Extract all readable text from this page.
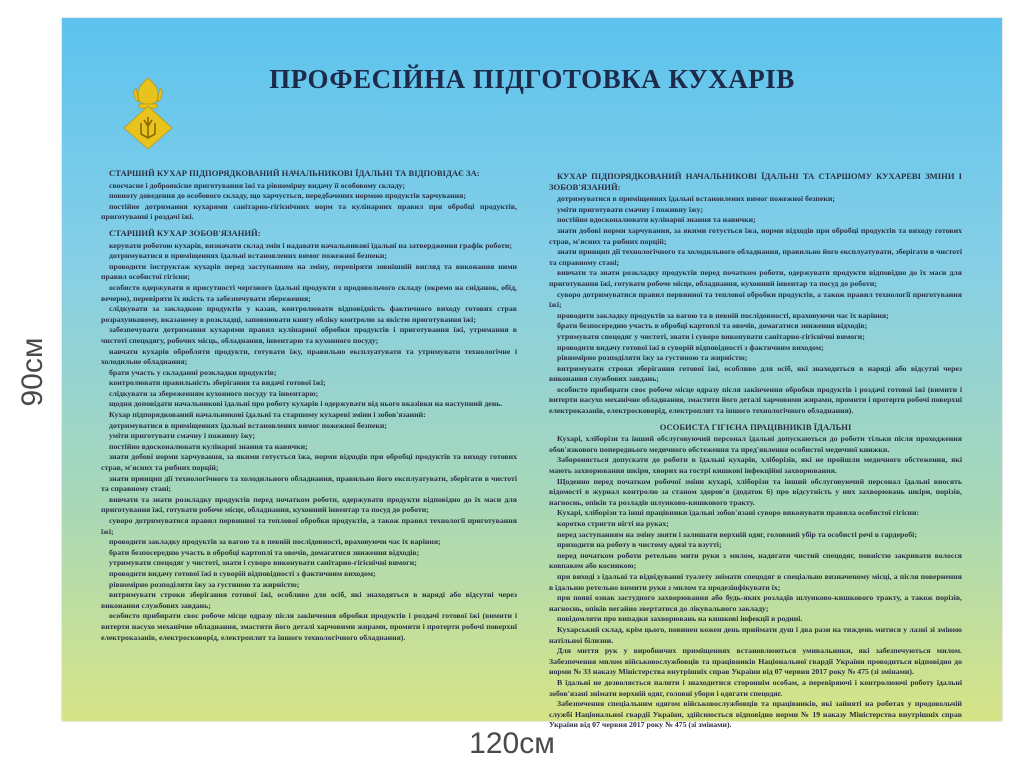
ПРОФЕСІЙНА ПІДГОТОВКА КУХАРІВ
СТАРШИЙ КУХАР ПІДПОРЯДКОВАНИЙ НАЧАЛЬНИКОВІ ЇДАЛЬНІ ТА ВІДПОВІДАЄ ЗА:

своєчасне і доброякісне приготування їжі та рівномірну видачу її особовому складу;

повноту доведення до особового складу, що харчується, передбачених нормою продуктів харчування;

постійне дотримання кухарями санітарно-гігієнічних норм та кулінарних правил при обробці продуктів, приготуванні і роздачі їжі.

СТАРШИЙ КУХАР ЗОБОВ'ЯЗАНИЙ:

керувати роботою кухарів, визначати склад змін і надавати начальникові їдальні на затвердження графік роботи;

дотримуватися в приміщеннях їдальні встановлених вимог пожежної безпеки;

проводити інструктаж кухарів перед заступанням на зміну, перевіряти зовнішній вигляд та виконання ними правил особистої гігієни;

особисто одержувати в присутності чергового їдальні продукти з продовольчого складу (окремо на сніданок, обід, вечерю), перевіряти їх якість та забезпечувати збереження;

слідкувати за закладкою продуктів у казан, контролювати відповідність фактичного виходу готових страв розрахунковому, вказаному в розкладці, заповнювати книгу обліку контролю за якістю приготування їжі;

забезпечувати дотримання кухарями правил кулінарної обробки продуктів і приготування їжі, утримання в чистоті спецодягу, робочих місць, обладнання, інвентарю та кухонного посуду;

навчати кухарів обробляти продукти, готувати їжу, правильно експлуатувати та утримувати технологічне і холодильне обладнання;

брати участь у складанні розкладки продуктів;

контролювати правильність зберігання та видачі готової їжі;

слідкувати за збереженням кухонного посуду та інвентарю;

щодня доповідати начальникові їдальні про роботу кухарів і одержувати від нього вказівки на наступний день.

Кухар підпорядкований начальникові їдальні та старшому кухареві зміни і зобов'язаний:

дотримуватися в приміщеннях їдальні встановлених вимог пожежної безпеки;

уміти приготувати смачну і поживну їжу;

постійно вдосконалювати кулінарні знання та навички;

знати добові норми харчування, за якими готується їжа, норми відходів при обробці продуктів та виходу готових страв, м'ясних та рибних порцій;

знати принцип дії технологічного та холодильного обладнання, правильно його експлуатувати, зберігати в чистоті та справному стані;

вивчати та знати розкладку продуктів перед початком роботи, одержувати продукти відповідно до їх маси для приготування їжі, готувати робоче місце, обладнання, кухонний інвентар та посуд до роботи;

суворо дотримуватися правил первинної та теплової обробки продуктів, а також правил технології приготування їжі;

проводити закладку продуктів за вагою та в певній послідовності, враховуючи час їх варіння;

брати безпосередню участь в обробці картоплі та овочів, домагатися зниження відходів;

утримувати спецодяг у чистоті, знати і суворо виконувати санітарно-гігієнічні вимоги;

проводити видачу готової їжі в суворій відповідності з фактичним виходом;

рівномірно розподіляти їжу за густиною та жирністю;

витримувати строки зберігання готової їжі, особливо для осіб, які знаходяться в наряді або відсутні через виконання службових завдань;

особисто прибирати своє робоче місце одразу після закінчення обробки продуктів і роздачі готової їжі (вимити і витерти насухо механічне обладнання, змастити його деталі харчовими жирами, промити і протерти робочі поверхні електроказанів, електросковорід, електроплит та іншого технологічного обладнання).

КУХАР ПІДПОРЯДКОВАНИЙ НАЧАЛЬНИКОВІ ЇДАЛЬНІ ТА СТАРШОМУ КУХАРЕВІ ЗМІНИ І ЗОБОВ'ЯЗАНИЙ:

дотримуватися в приміщеннях їдальні встановлених вимог пожежної безпеки;

уміти приготувати смачну і поживну їжу;

постійно вдосконалювати кулінарні знання та навички;

знати добові норми харчування, за якими готується їжа, норми відходів при обробці продуктів та виходу готових страв, м'ясних та рибних порцій;

знати принцип дії технологічного та холодильного обладнання, правильно його експлуатувати, зберігати в чистоті та справному стані;

вивчати та знати розкладку продуктів перед початком роботи, одержувати продукти відповідно до їх маси для приготування їжі, готувати робоче місце, обладнання, кухонний інвентар та посуд до роботи;

суворо дотримуватися правил первинної та теплової обробки продуктів, а також правил технології приготування їжі;

проводити закладку продуктів за вагою та в певній послідовності, враховуючи час їх варіння;

брати безпосередню участь в обробці картоплі та овочів, домагатися зниження відходів;

утримувати спецодяг у чистоті, знати і суворо виконувати санітарно-гігієнічні вимоги;

проводити видачу готової їжі в суворій відповідності з фактичним виходом;

рівномірно розподіляти їжу за густиною та жирністю;

витримувати строки зберігання готової їжі, особливо для осіб, які знаходяться в наряді або відсутні через виконання службових завдань;

особисто прибирати своє робоче місце одразу після закінчення обробки продуктів і роздачі готової їжі (вимити і витерти насухо механічне обладнання, змастити його деталі харчовими жирами, промити і протерти робочі поверхні електроказанів, електросковорід, електроплит та іншого технологічного обладнання).

ОСОБИСТА ГІГІЄНА ПРАЦІВНИКІВ ЇДАЛЬНІ

Кухарі, хліборізи та інший обслуговуючий персонал їдальні допускаються до роботи тільки після проходження обов'язкового попереднього медичного обстеження та пред'явлення особистої медичної книжки.

Забороняється допускати до роботи в їдальні кухарів, хліборізів, які не пройшли медичного обстеження, які мають захворювання шкіри, хворих на гострі кишкові інфекційні захворювання.

Щоденно перед початком робочої зміни кухарі, хліборізи та інший обслуговуючий персонал їдальні вносять відомості в журнал контролю за станом здоров'я (додаток 6) про відсутність у них захворювань шкіри, порізів, нагноєнь, опіків та розладів шлунково-кишкового тракту.

Кухарі, хліборізи та інші працівники їдальні зобов'язані суворо виконувати правила особистої гігієни:

коротко стригти нігті на руках;

перед заступанням на зміну зняти і залишати верхній одяг, головний убір та особисті речі в гардеробі;

приходити на роботу в чистому одязі та взутті;

перед початком роботи ретельно мити руки з милом, надягати чистий спецодяг, повністю закривати волосся ковпаком або косинкою;

при виході з їдальні та відвідуванні туалету знімати спецодяг в спеціально визначеному місці, а після повернення в їдальню ретельно вимити руки з милом та продезінфікувати їх;

при появі ознак застудного захворювання або будь-яких розладів шлунково-кишкового тракту, а також порізів, нагноєнь, опіків негайно звертатися до лікувального закладу;

повідомляти про випадки захворювань на кишкові інфекції в родині.

Кухарський склад, крім цього, повинен кожен день приймати душ і два рази на тиждень митися у лазні зі зміною натільної білизни.

Для миття рук у виробничих приміщеннях встановлюються умивальники, які забезпечуються милом. Забезпечення милом військовослужбовців та працівників Національної гвардії України проводиться відповідно до норми № 33 наказу Міністерства внутрішніх справ України від 07 червня 2017 року № 475 (зі змінами).

В їдальні не дозволяється палити і знаходитися стороннім особам, а перевіряючі і контролюючі роботу їдальні зобов'язані знімати верхній одяг, головні убори і одягати спецодяг.

Забезпечення спеціальним одягом військовослужбовців та працівників, які зайняті на роботах у продовольчій службі Національної гвардії України, здійснюється відповідно норми № 19 наказу Міністерства внутрішніх справ України від 07 червня 2017 року № 475 (зі змінами).

90см
120см
